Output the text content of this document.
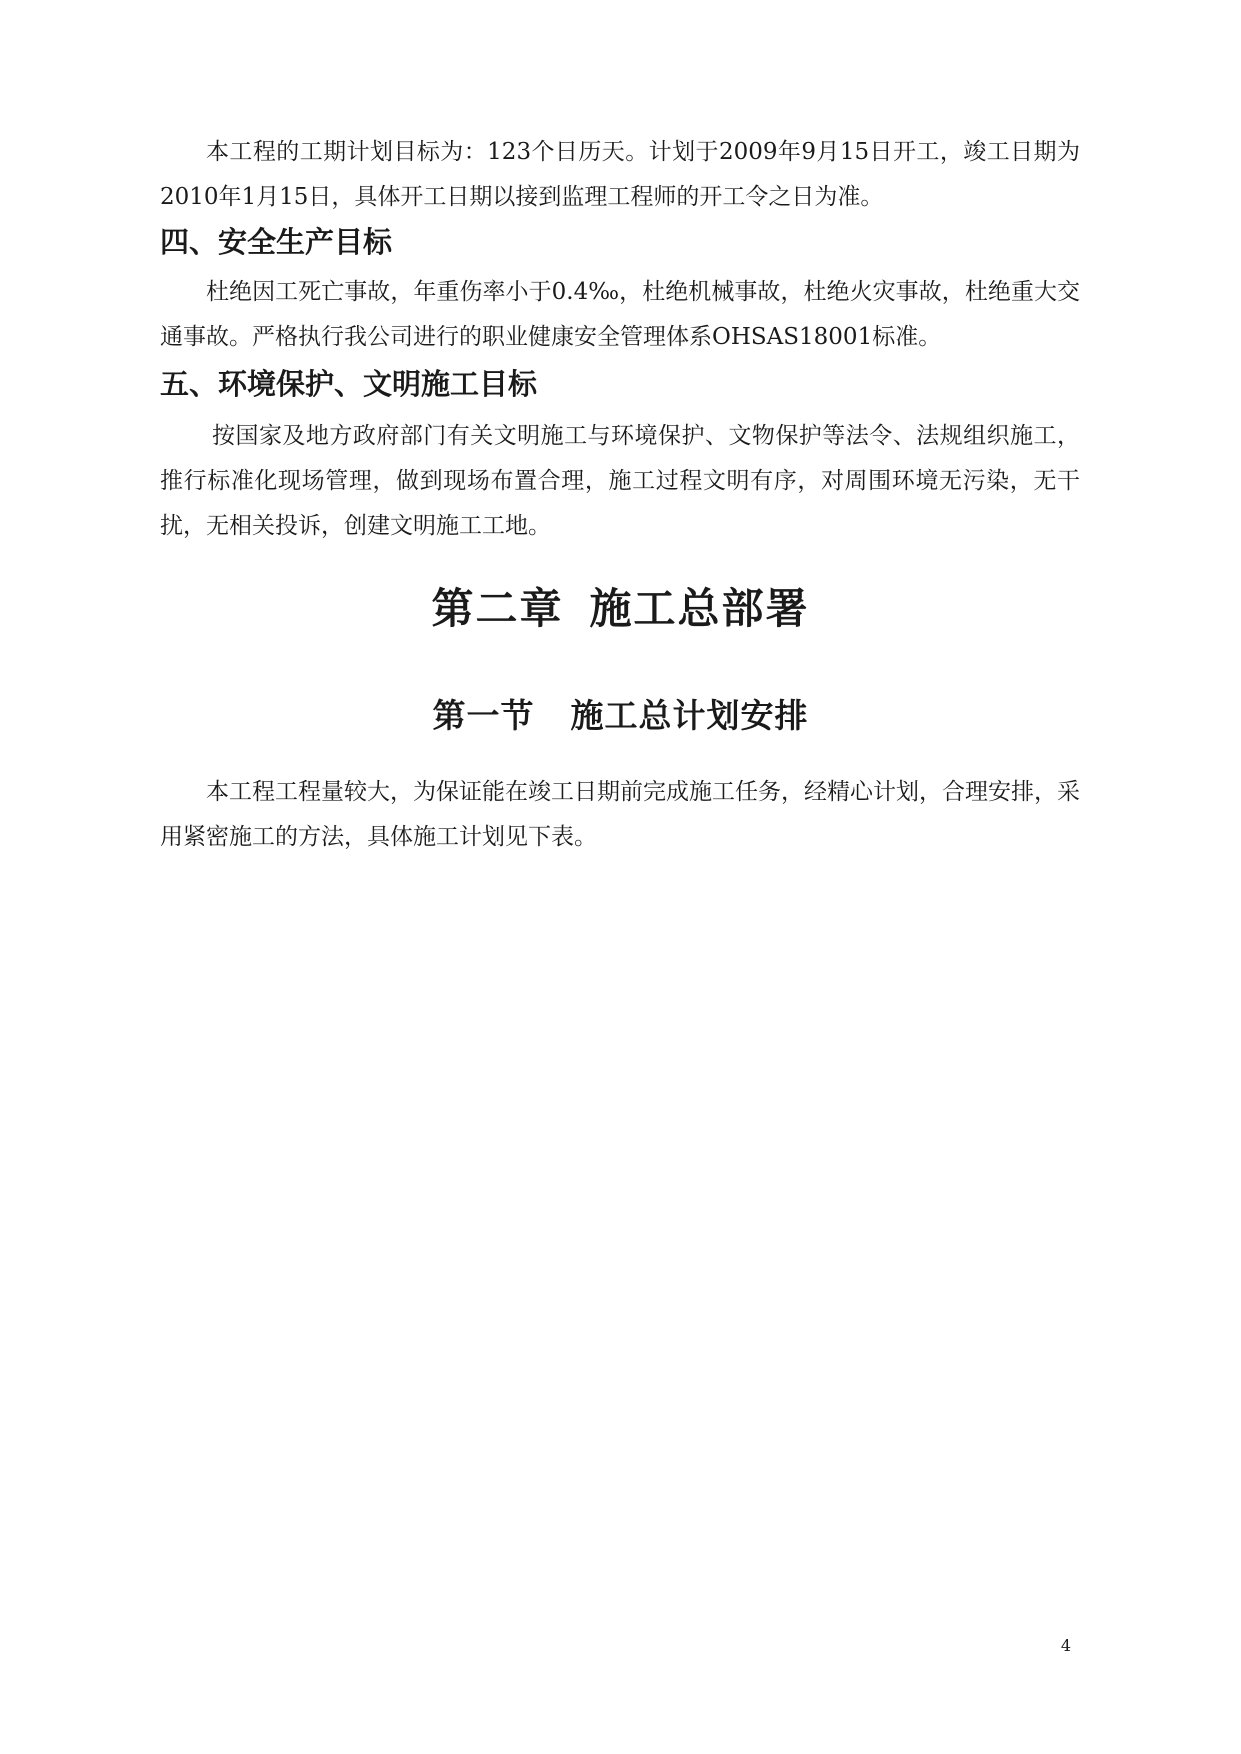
本工程的工期计划目标为：123个日历天。计划于2009年9月15日开工，竣工日期为2010年1月15日，具体开工日期以接到监理工程师的开工令之日为准。

四、安全生产目标

杜绝因工死亡事故，年重伤率小于0.4‰，杜绝机械事故，杜绝火灾事故，杜绝重大交通事故。严格执行我公司进行的职业健康安全管理体系OHSAS18001标准。

五、环境保护、文明施工目标

按国家及地方政府部门有关文明施工与环境保护、文物保护等法令、法规组织施工，推行标准化现场管理，做到现场布置合理，施工过程文明有序，对周围环境无污染，无干扰，无相关投诉，创建文明施工工地。

第二章 施工总部署
第一节 施工总计划安排

本工程工程量较大，为保证能在竣工日期前完成施工任务，经精心计划，合理安排，采用紧密施工的方法，具体施工计划见下表。

4
